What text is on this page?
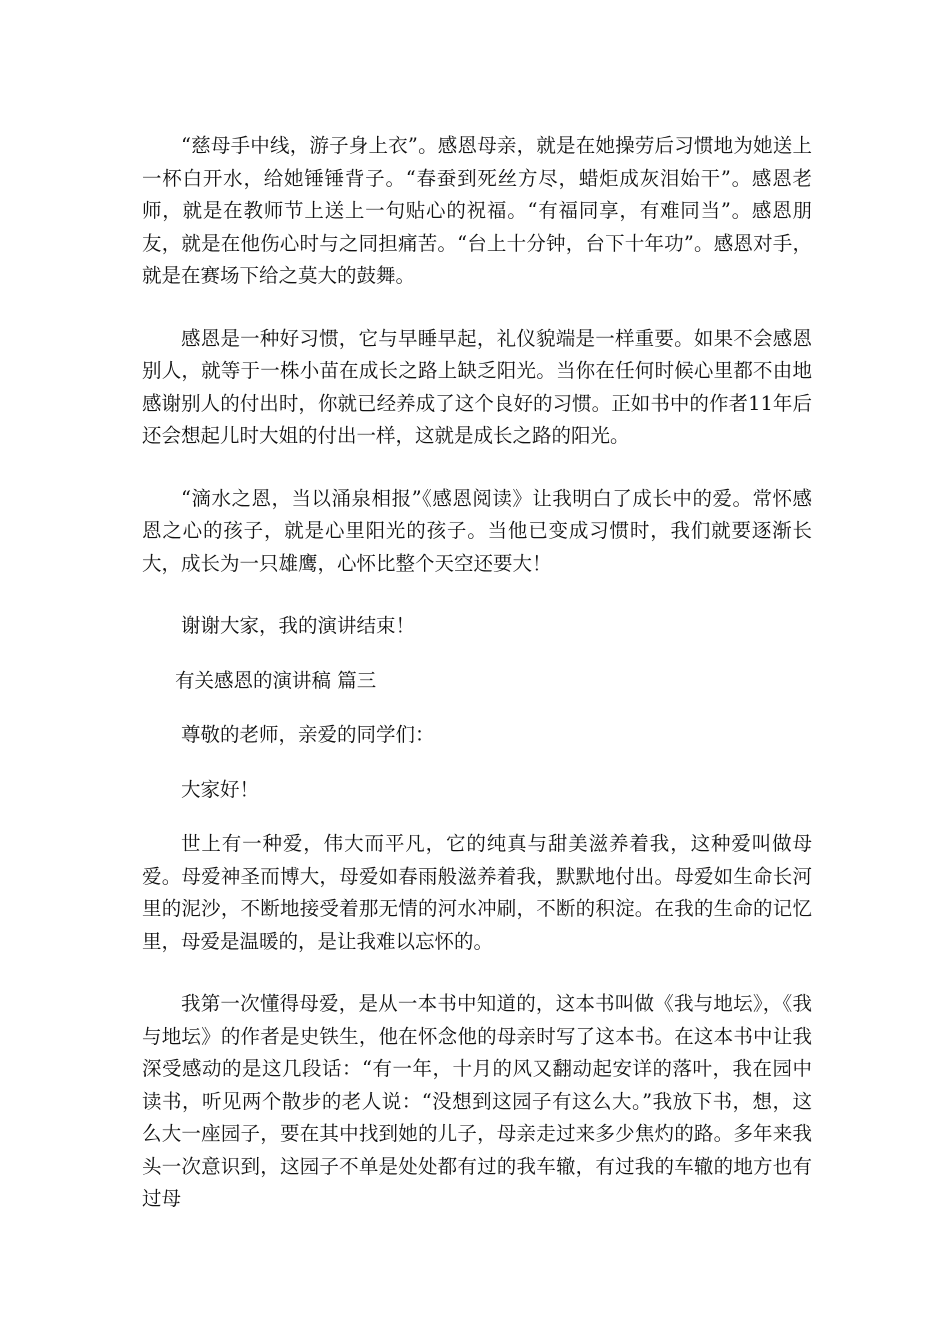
“慈母手中线，游子身上衣”。感恩母亲，就是在她操劳后习惯地为她送上一杯白开水，给她锤锤背子。“春蚕到死丝方尽，蜡炬成灰泪始干”。感恩老师，就是在教师节上送上一句贴心的祝福。“有福同享，有难同当”。感恩朋友，就是在他伤心时与之同担痛苦。“台上十分钟，台下十年功”。感恩对手，就是在赛场下给之莫大的鼓舞。

感恩是一种好习惯，它与早睡早起，礼仪貌端是一样重要。如果不会感恩别人，就等于一株小苗在成长之路上缺乏阳光。当你在任何时候心里都不由地感谢别人的付出时，你就已经养成了这个良好的习惯。正如书中的作者11年后还会想起儿时大姐的付出一样，这就是成长之路的阳光。

“滴水之恩，当以涌泉相报”《感恩阅读》让我明白了成长中的爱。常怀感恩之心的孩子，就是心里阳光的孩子。当他已变成习惯时，我们就要逐渐长大，成长为一只雄鹰，心怀比整个天空还要大！

谢谢大家，我的演讲结束！

有关感恩的演讲稿 篇三

尊敬的老师，亲爱的同学们：

大家好！

世上有一种爱，伟大而平凡，它的纯真与甜美滋养着我，这种爱叫做母爱。母爱神圣而博大，母爱如春雨般滋养着我，默默地付出。母爱如生命长河里的泥沙，不断地接受着那无情的河水冲刷，不断的积淀。在我的生命的记忆里，母爱是温暖的，是让我难以忘怀的。

我第一次懂得母爱，是从一本书中知道的，这本书叫做《我与地坛》，《我与地坛》的作者是史铁生，他在怀念他的母亲时写了这本书。在这本书中让我深受感动的是这几段话：“有一年，十月的风又翻动起安详的落叶，我在园中读书，听见两个散步的老人说：“没想到这园子有这么大。”我放下书，想，这么大一座园子，要在其中找到她的儿子，母亲走过来多少焦灼的路。多年来我头一次意识到，这园子不单是处处都有过的我车辙，有过我的车辙的地方也有过母
